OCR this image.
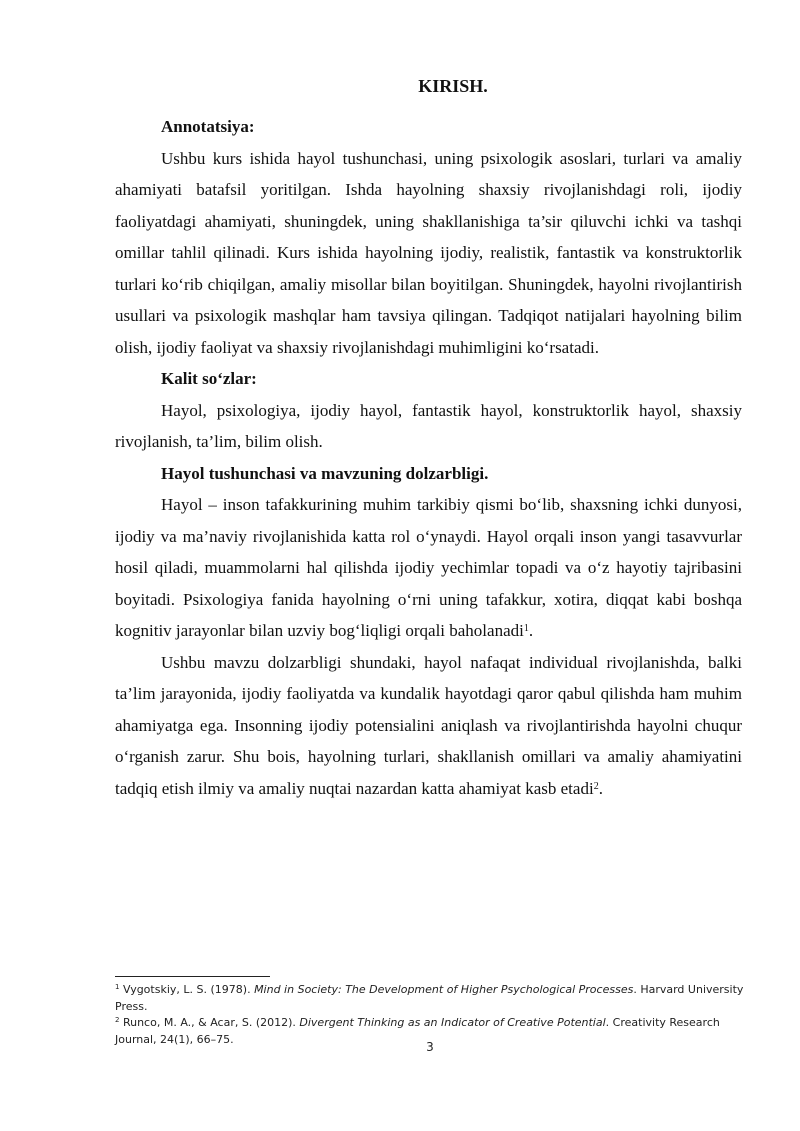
KIRISH.

Annotatsiya:

Ushbu kurs ishida hayol tushunchasi, uning psixologik asoslari, turlari va amaliy ahamiyati batafsil yoritilgan. Ishda hayolning shaxsiy rivojlanishdagi roli, ijodiy faoliyatdagi ahamiyati, shuningdek, uning shakllanishiga ta’sir qiluvchi ichki va tashqi omillar tahlil qilinadi. Kurs ishida hayolning ijodiy, realistik, fantastik va konstruktorlik turlari ko‘rib chiqilgan, amaliy misollar bilan boyitilgan. Shuningdek, hayolni rivojlantirish usullari va psixologik mashqlar ham tavsiya qilingan. Tadqiqot natijalari hayolning bilim olish, ijodiy faoliyat va shaxsiy rivojlanishdagi muhimligini ko‘rsatadi.

Kalit so‘zlar:

Hayol, psixologiya, ijodiy hayol, fantastik hayol, konstruktorlik hayol, shaxsiy rivojlanish, ta’lim, bilim olish.

Hayol tushunchasi va mavzuning dolzarbligi.

Hayol – inson tafakkurining muhim tarkibiy qismi bo‘lib, shaxsning ichki dunyosi, ijodiy va ma’naviy rivojlanishida katta rol o‘ynaydi. Hayol orqali inson yangi tasavvurlar hosil qiladi, muammolarni hal qilishda ijodiy yechimlar topadi va o‘z hayotiy tajribasini boyitadi. Psixologiya fanida hayolning o‘rni uning tafakkur, xotira, diqqat kabi boshqa kognitiv jarayonlar bilan uzviy bog‘liqligi orqali baholanadi$^1$.

Ushbu mavzu dolzarbligi shundaki, hayol nafaqat individual rivojlanishda, balki ta’lim jarayonida, ijodiy faoliyatda va kundalik hayotdagi qaror qabul qilishda ham muhim ahamiyatga ega. Insonning ijodiy potensialini aniqlash va rivojlantirishda hayolni chuqur o‘rganish zarur. Shu bois, hayolning turlari, shakllanish omillari va amaliy ahamiyatini tadqiq etish ilmiy va amaliy nuqtai nazardan katta ahamiyat kasb etadi$^2$.

$^1$ Vygotskiy, L. S. (1978). Mind in Society: The Development of Higher Psychological Processes. Harvard University Press.

$^2$ Runco, M. A., & Acar, S. (2012). Divergent Thinking as an Indicator of Creative Potential. Creativity Research Journal, 24(1), 66–75.

3
